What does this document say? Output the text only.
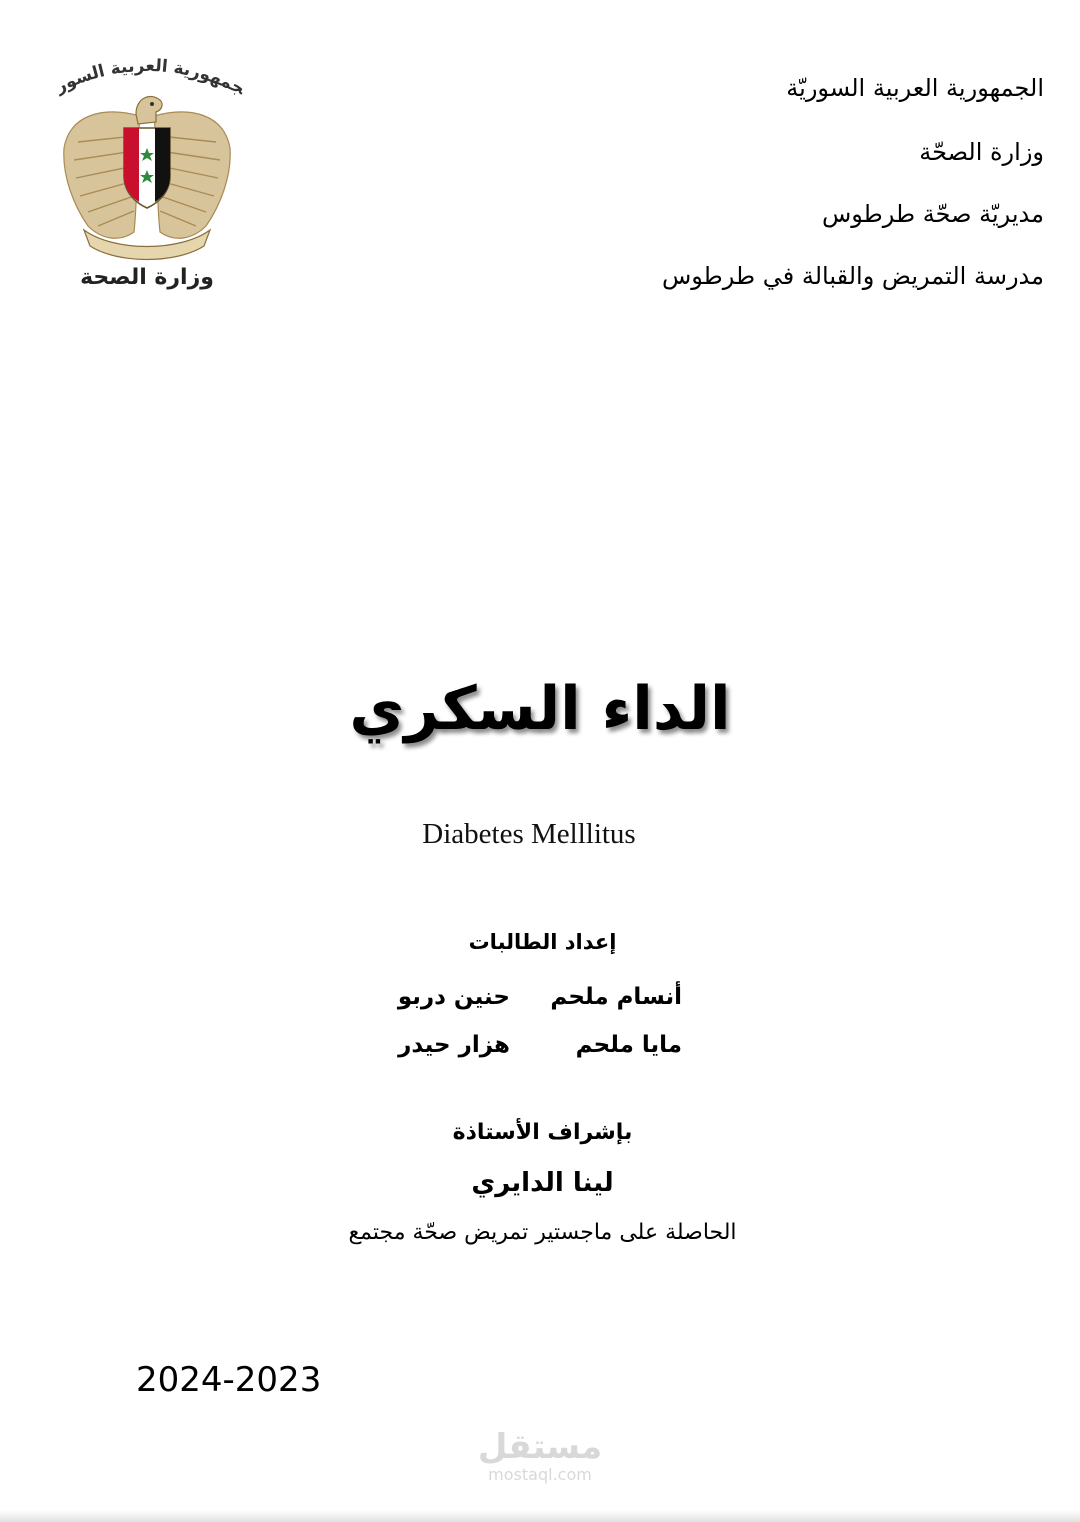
الجمهورية العربية السوريّة
وزارة الصحّة
مديريّة صحّة طرطوس
مدرسة التمريض والقبالة في طرطوس
جمهورية العربية السور
وزارة الصحة
الداء السكري
Diabetes Melllitus
إعداد الطالبات
أنسام ملحم
حنين دربو
مايا ملحم
هزار حيدر
بإشراف الأستاذة
لينا الدايري
الحاصلة على ماجستير تمريض صحّة مجتمع
2024-2023
مستقل
mostaql.com
